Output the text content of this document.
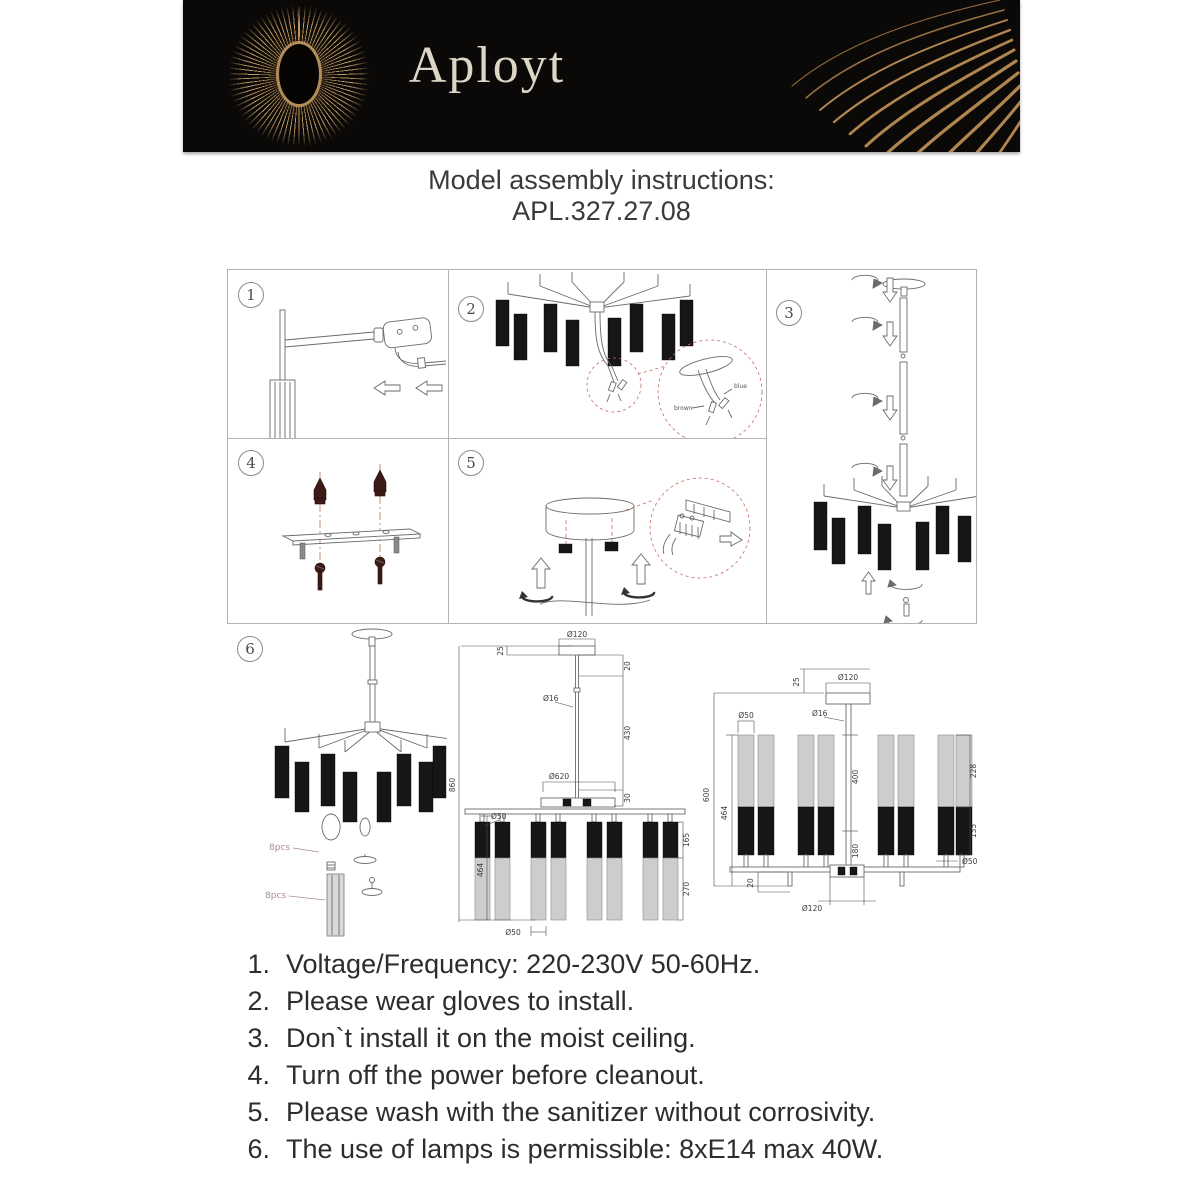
Aployt
Model assembly instructions:
APL.327.27.08
1
2
blue
brown
3
4	5
6
8pcs
8pcs
Ø120
25
20
Ø16
430
30
Ø620
860
464
Ø50
165
270
Ø50
25	Ø120
Ø16
Ø50
600
464
400
180
228
135
Ø50
Ø120
20
1. Voltage/Frequency: 220-230V 50-60Hz.
2. Please wear gloves to install.
3. Don`t install it on the moist ceiling.
4. Turn off the power before cleanout.
5. Please wash with the sanitizer without corrosivity.
6. The use of lamps is permissible: 8xE14 max 40W.
